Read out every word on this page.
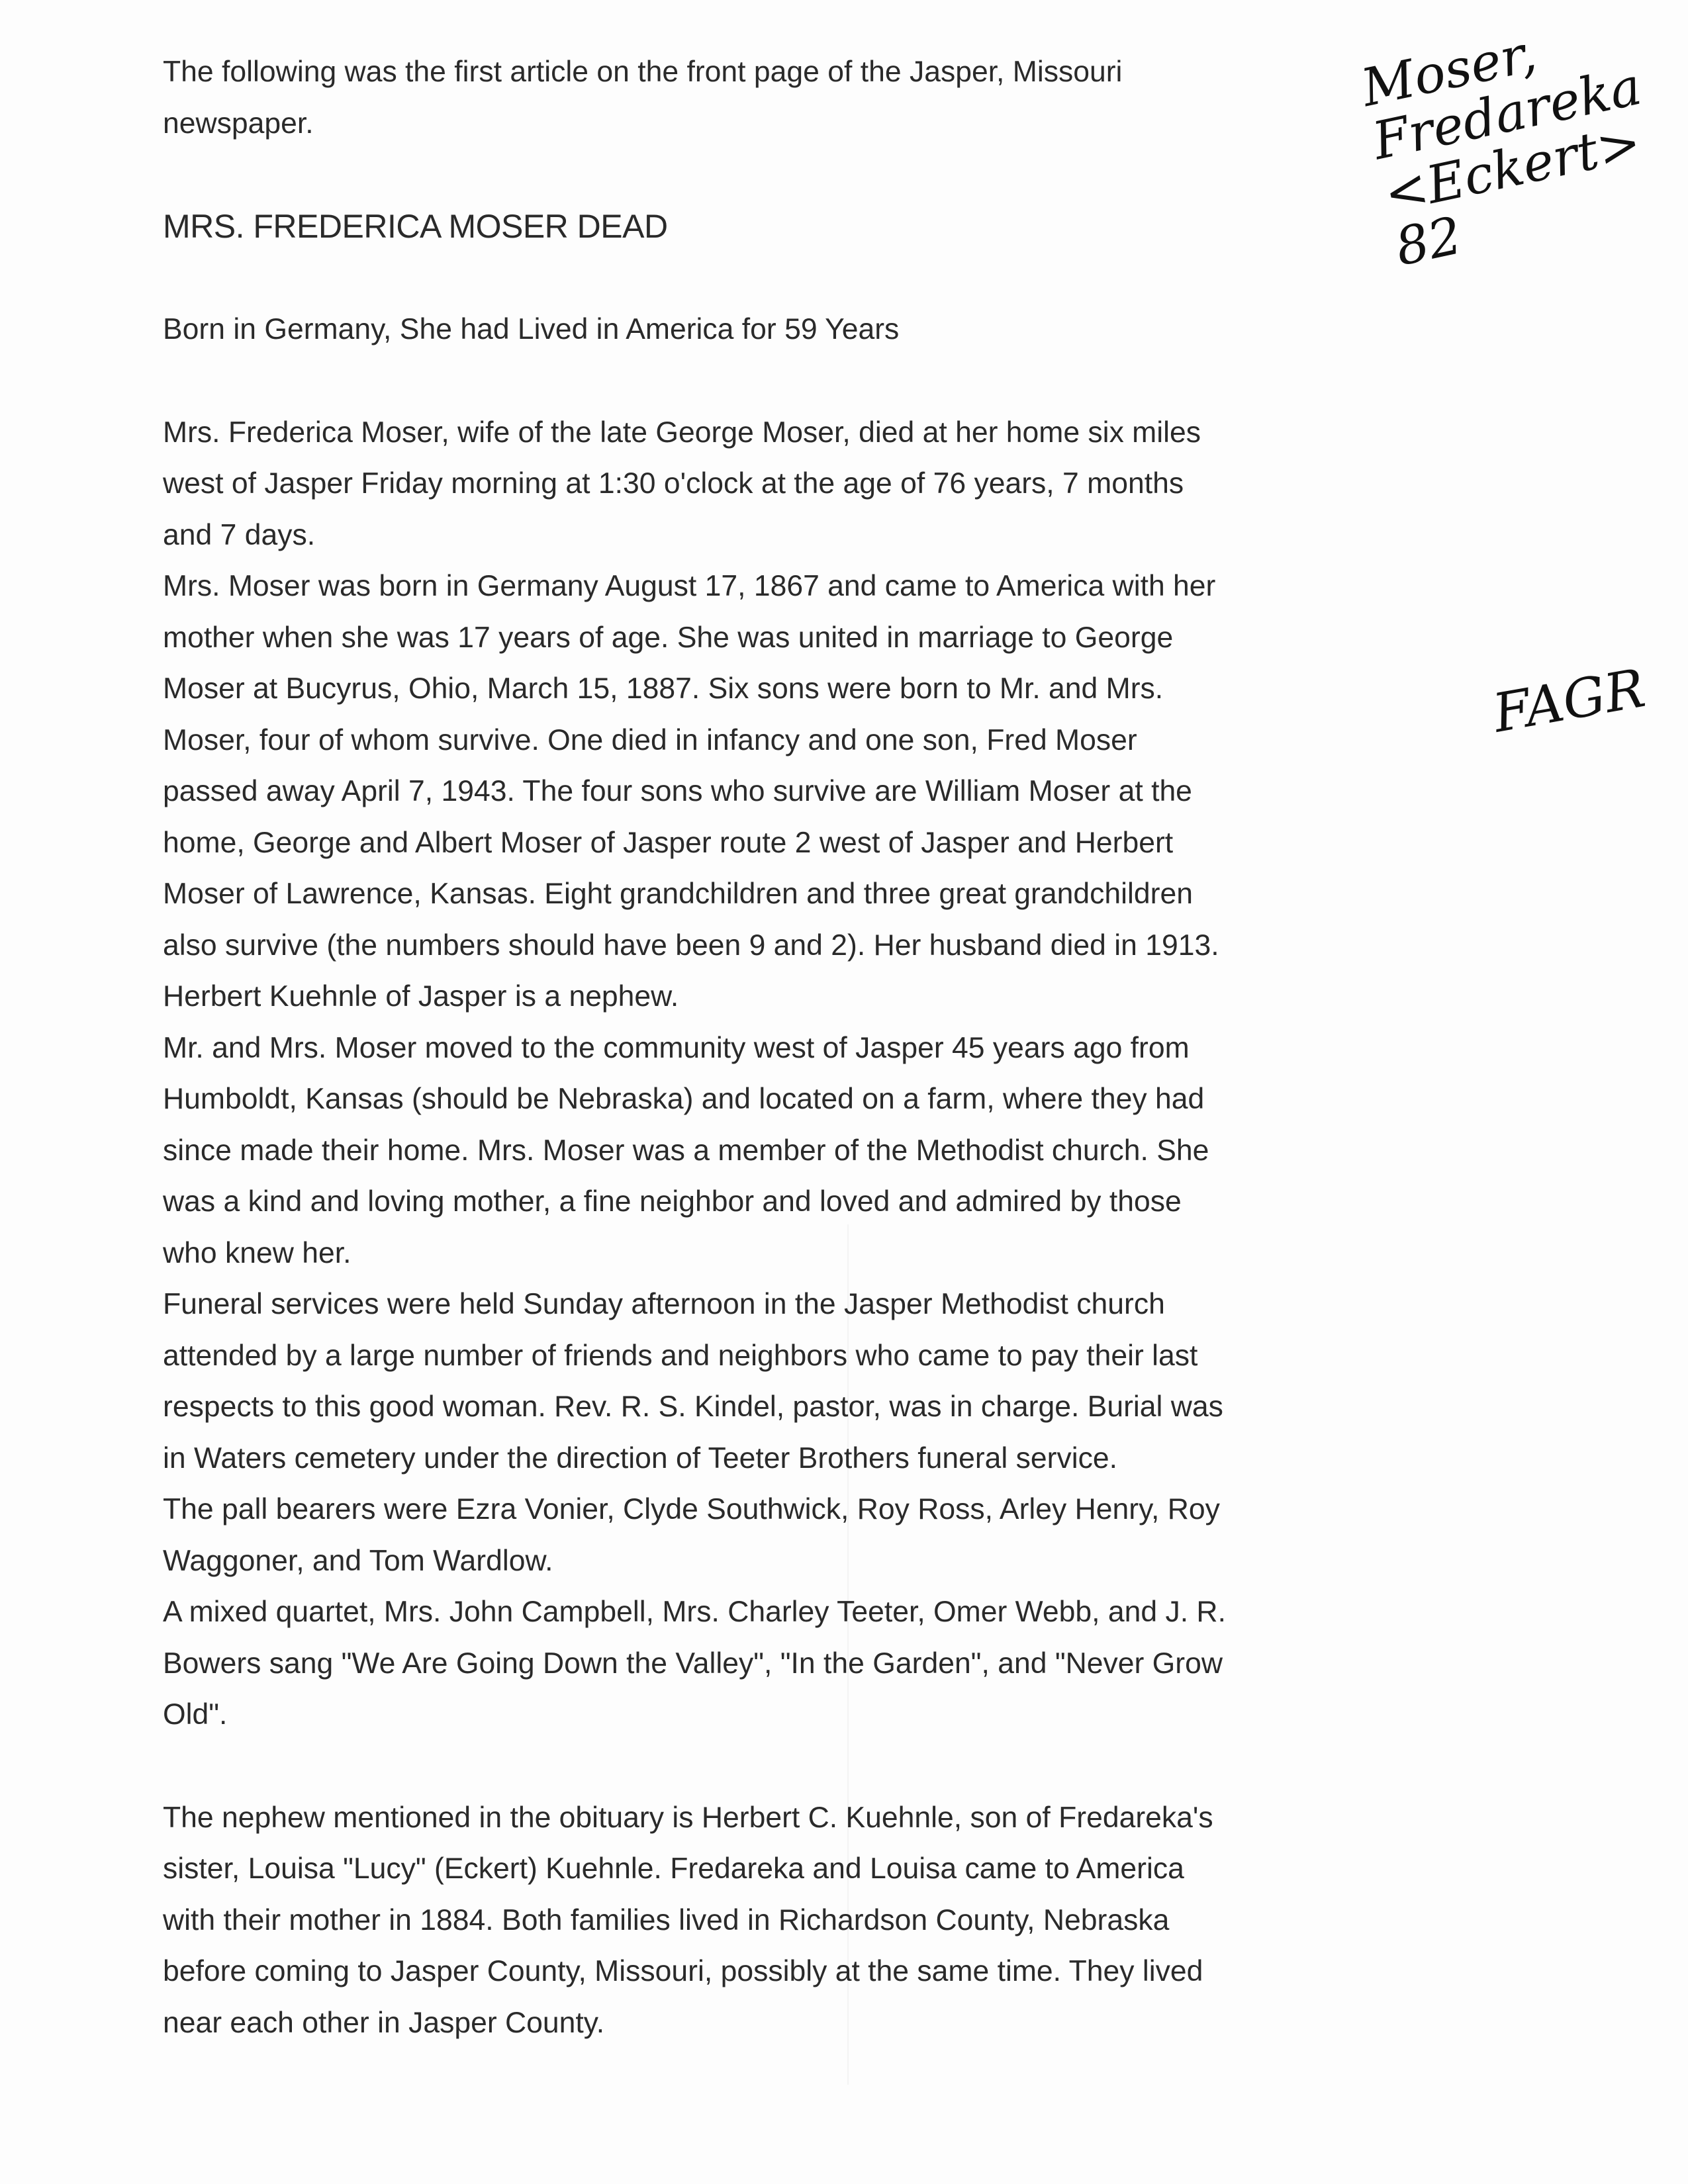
The following was the first article on the front page of the Jasper, Missouri
newspaper.

MRS. FREDERICA MOSER DEAD

Born in Germany, She had Lived in America for 59 Years

Mrs. Frederica Moser, wife of the late George Moser, died at her home six miles
west of Jasper Friday morning at 1:30 o'clock at the age of 76 years, 7 months
and 7 days.

Mrs. Moser was born in Germany August 17, 1867 and came to America with her
mother when she was 17 years of age. She was united in marriage to George
Moser at Bucyrus, Ohio, March 15, 1887. Six sons were born to Mr. and Mrs.
Moser, four of whom survive. One died in infancy and one son, Fred Moser
passed away April 7, 1943. The four sons who survive are William Moser at the
home, George and Albert Moser of Jasper route 2 west of Jasper and Herbert
Moser of Lawrence, Kansas. Eight grandchildren and three great grandchildren
also survive (the numbers should have been 9 and 2). Her husband died in 1913.
Herbert Kuehnle of Jasper is a nephew.

Mr. and Mrs. Moser moved to the community west of Jasper 45 years ago from
Humboldt, Kansas (should be Nebraska) and located on a farm, where they had
since made their home. Mrs. Moser was a member of the Methodist church. She
was a kind and loving mother, a fine neighbor and loved and admired by those
who knew her.

Funeral services were held Sunday afternoon in the Jasper Methodist church
attended by a large number of friends and neighbors who came to pay their last
respects to this good woman. Rev. R. S. Kindel, pastor, was in charge. Burial was
in Waters cemetery under the direction of Teeter Brothers funeral service.

The pall bearers were Ezra Vonier, Clyde Southwick, Roy Ross, Arley Henry, Roy
Waggoner, and Tom Wardlow.

A mixed quartet, Mrs. John Campbell, Mrs. Charley Teeter, Omer Webb, and J. R.
Bowers sang "We Are Going Down the Valley", "In the Garden", and "Never Grow
Old".

The nephew mentioned in the obituary is Herbert C. Kuehnle, son of Fredareka's
sister, Louisa "Lucy" (Eckert) Kuehnle. Fredareka and Louisa came to America
with their mother in 1884. Both families lived in Richardson County, Nebraska
before coming to Jasper County, Missouri, possibly at the same time. They lived
near each other in Jasper County.

Moser,
Fredareka
<Eckert>
82
FAGR
